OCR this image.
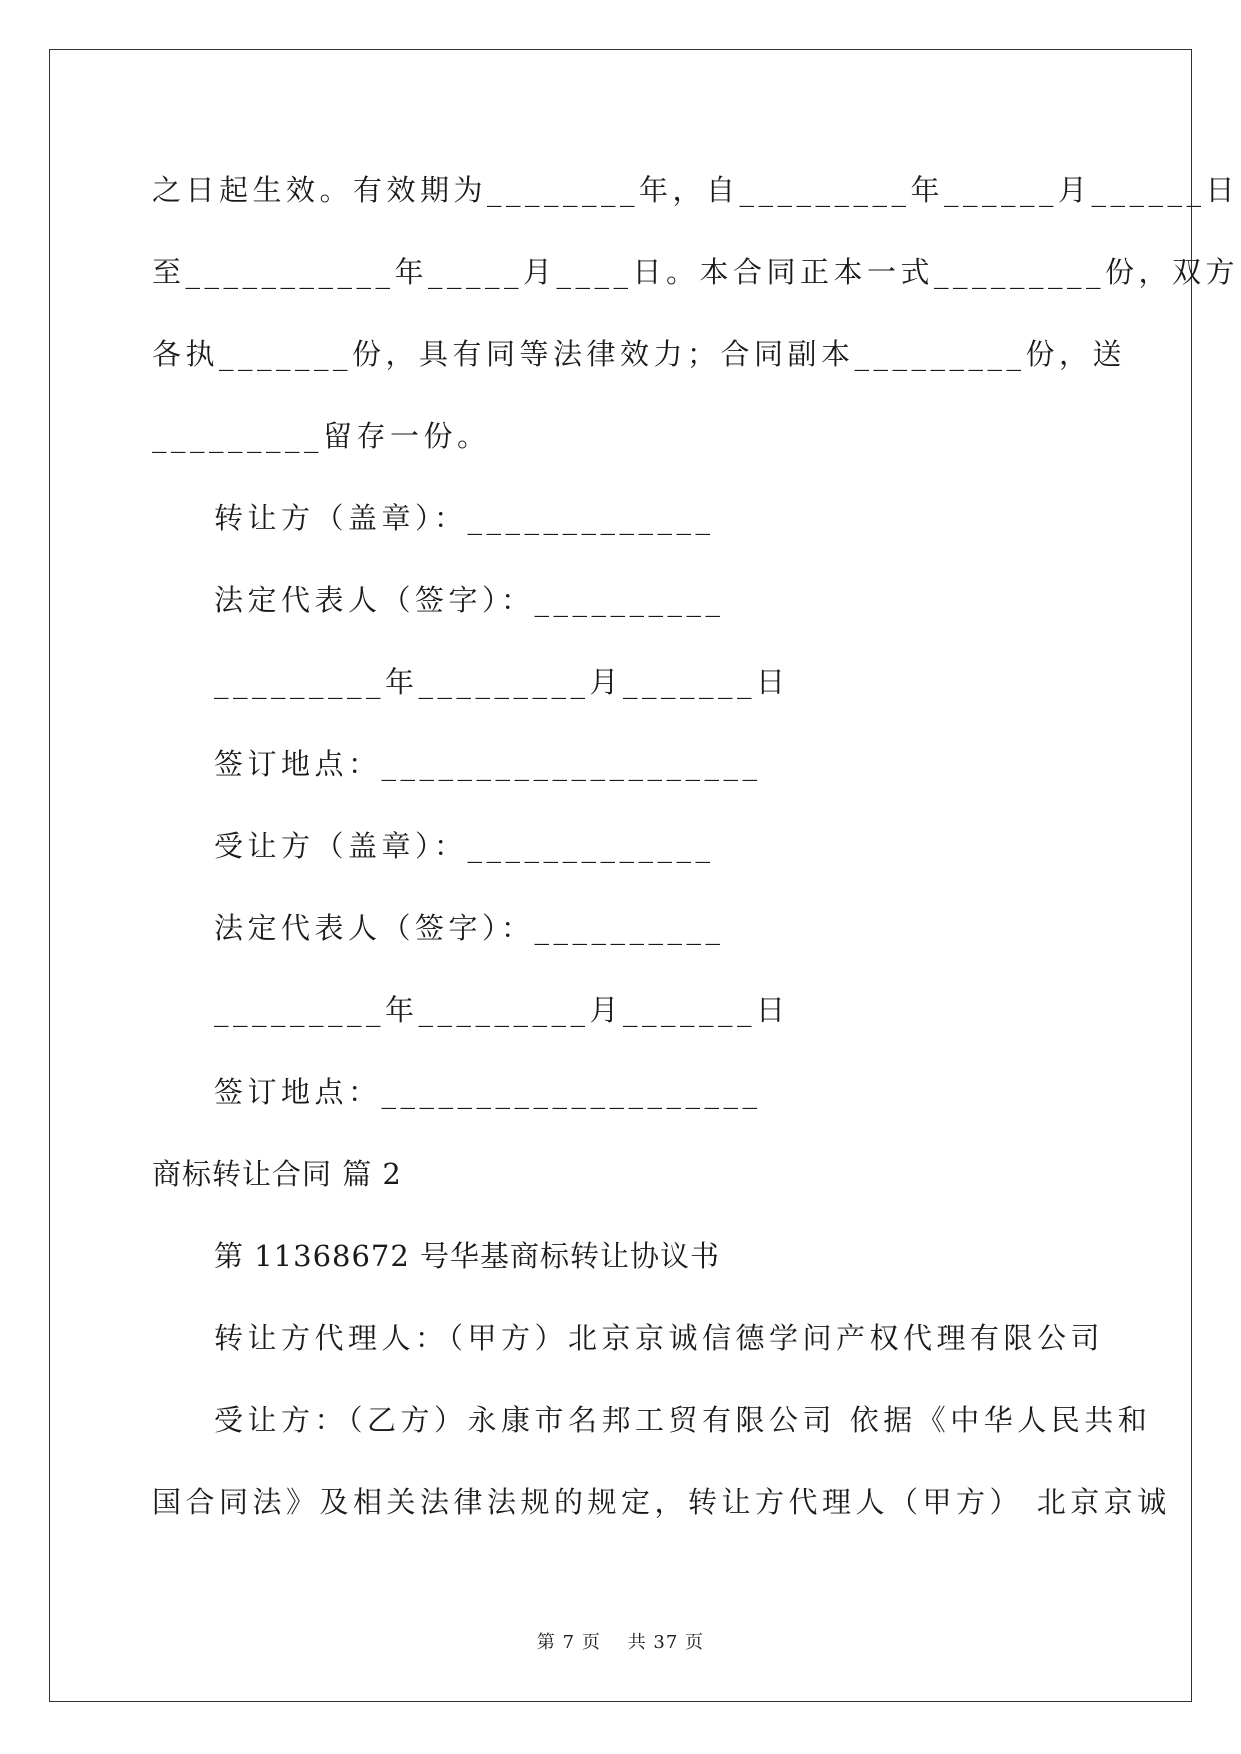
之日起生效。有效期为________年，自_________年______月______日
至___________年_____月____日。本合同正本一式_________份，双方
各执_______份，具有同等法律效力；合同副本_________份，送
_________留存一份。
转让方（盖章）：_____________
法定代表人（签字）：__________
_________年_________月_______日
签订地点：____________________
受让方（盖章）：_____________
法定代表人（签字）：__________
_________年_________月_______日
签订地点：____________________
商标转让合同 篇 2
第 11368672 号华基商标转让协议书
转让方代理人：（甲方）北京京诚信德学问产权代理有限公司
受让方：（乙方）永康市名邦工贸有限公司 依据《中华人民共和
国合同法》及相关法律法规的规定，转让方代理人（甲方） 北京京诚
第 7 页    共 37 页
